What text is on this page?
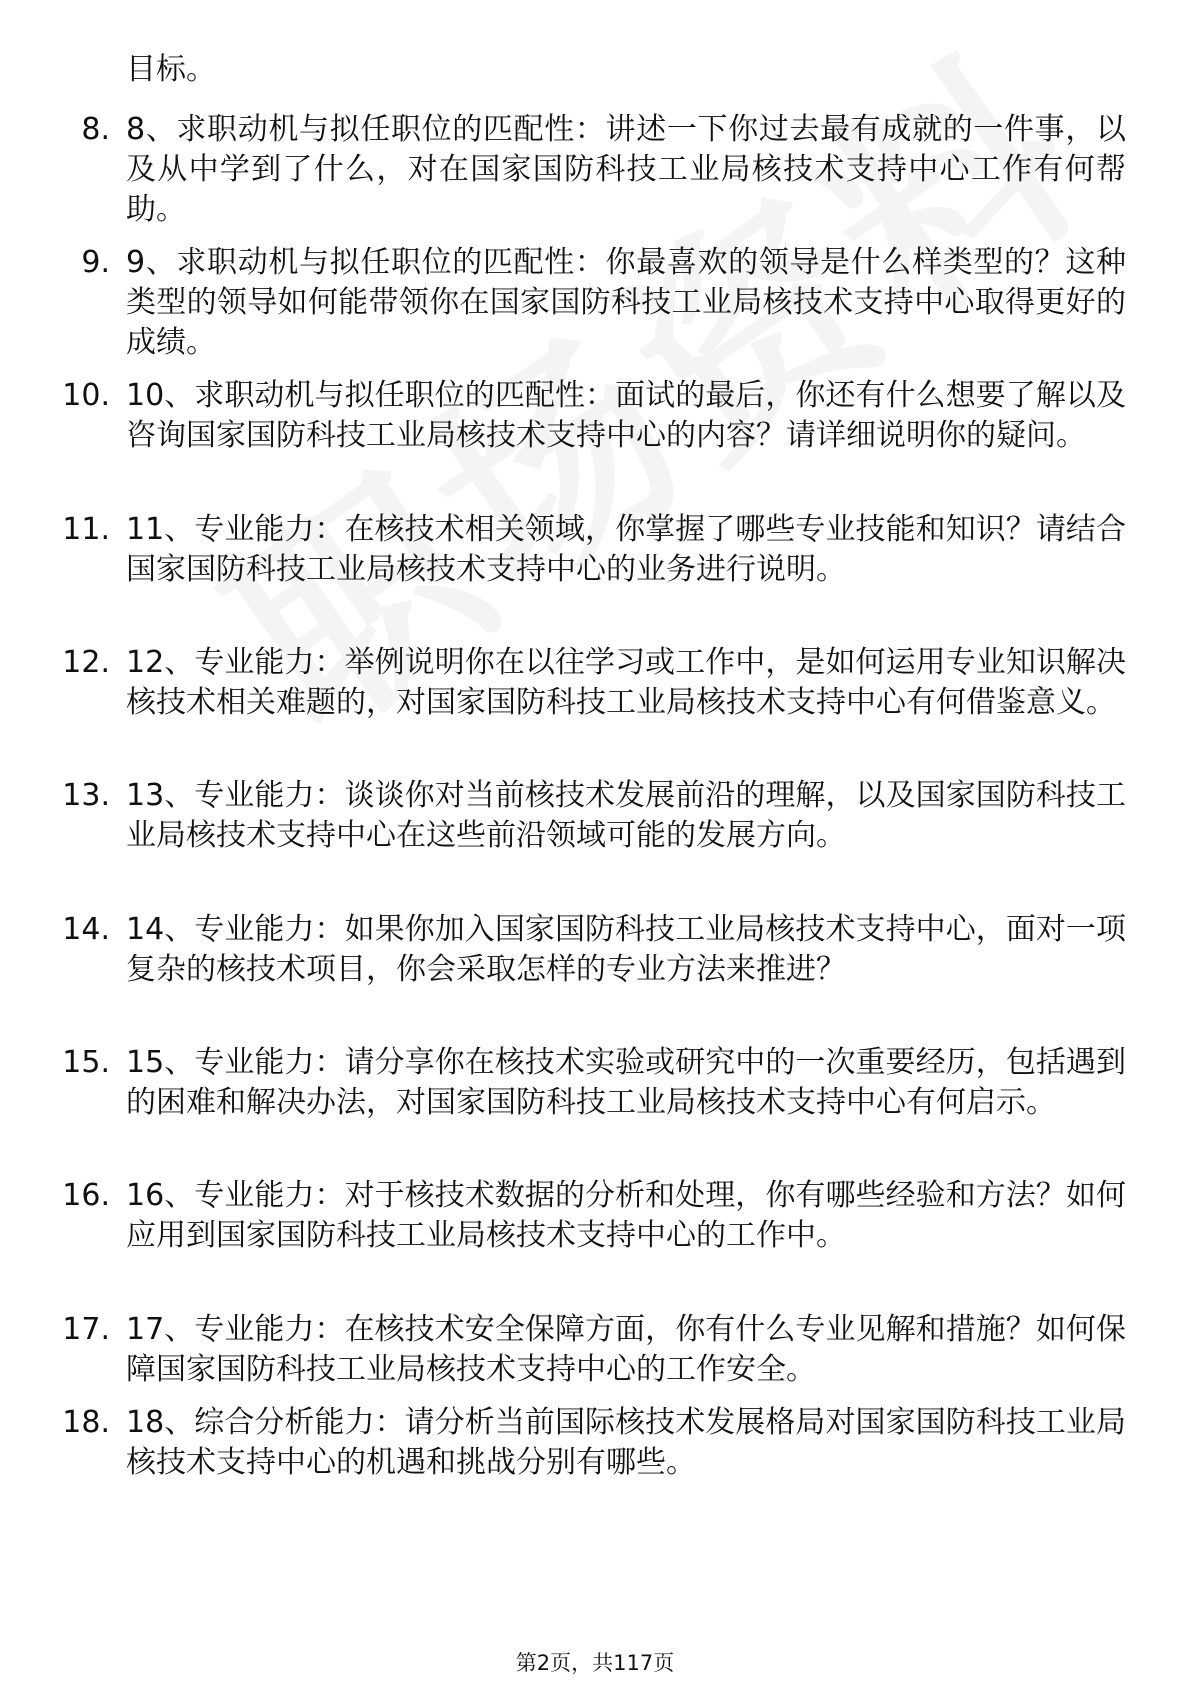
目标。
8. 8、求职动机与拟任职位的匹配性：讲述一下你过去最有成就的一件事，以及从中学到了什么，对在国家国防科技工业局核技术支持中心工作有何帮助。
9. 9、求职动机与拟任职位的匹配性：你最喜欢的领导是什么样类型的？这种类型的领导如何能带领你在国家国防科技工业局核技术支持中心取得更好的成绩。
10. 10、求职动机与拟任职位的匹配性：面试的最后，你还有什么想要了解以及咨询国家国防科技工业局核技术支持中心的内容？请详细说明你的疑问。
11. 11、专业能力：在核技术相关领域，你掌握了哪些专业技能和知识？请结合国家国防科技工业局核技术支持中心的业务进行说明。
12. 12、专业能力：举例说明你在以往学习或工作中，是如何运用专业知识解决核技术相关难题的，对国家国防科技工业局核技术支持中心有何借鉴意义。
13. 13、专业能力：谈谈你对当前核技术发展前沿的理解，以及国家国防科技工业局核技术支持中心在这些前沿领域可能的发展方向。
14. 14、专业能力：如果你加入国家国防科技工业局核技术支持中心，面对一项复杂的核技术项目，你会采取怎样的专业方法来推进？
15. 15、专业能力：请分享你在核技术实验或研究中的一次重要经历，包括遇到的困难和解决办法，对国家国防科技工业局核技术支持中心有何启示。
16. 16、专业能力：对于核技术数据的分析和处理，你有哪些经验和方法？如何应用到国家国防科技工业局核技术支持中心的工作中。
17. 17、专业能力：在核技术安全保障方面，你有什么专业见解和措施？如何保障国家国防科技工业局核技术支持中心的工作安全。
18. 18、综合分析能力：请分析当前国际核技术发展格局对国家国防科技工业局核技术支持中心的机遇和挑战分别有哪些。
第2页，共117页
